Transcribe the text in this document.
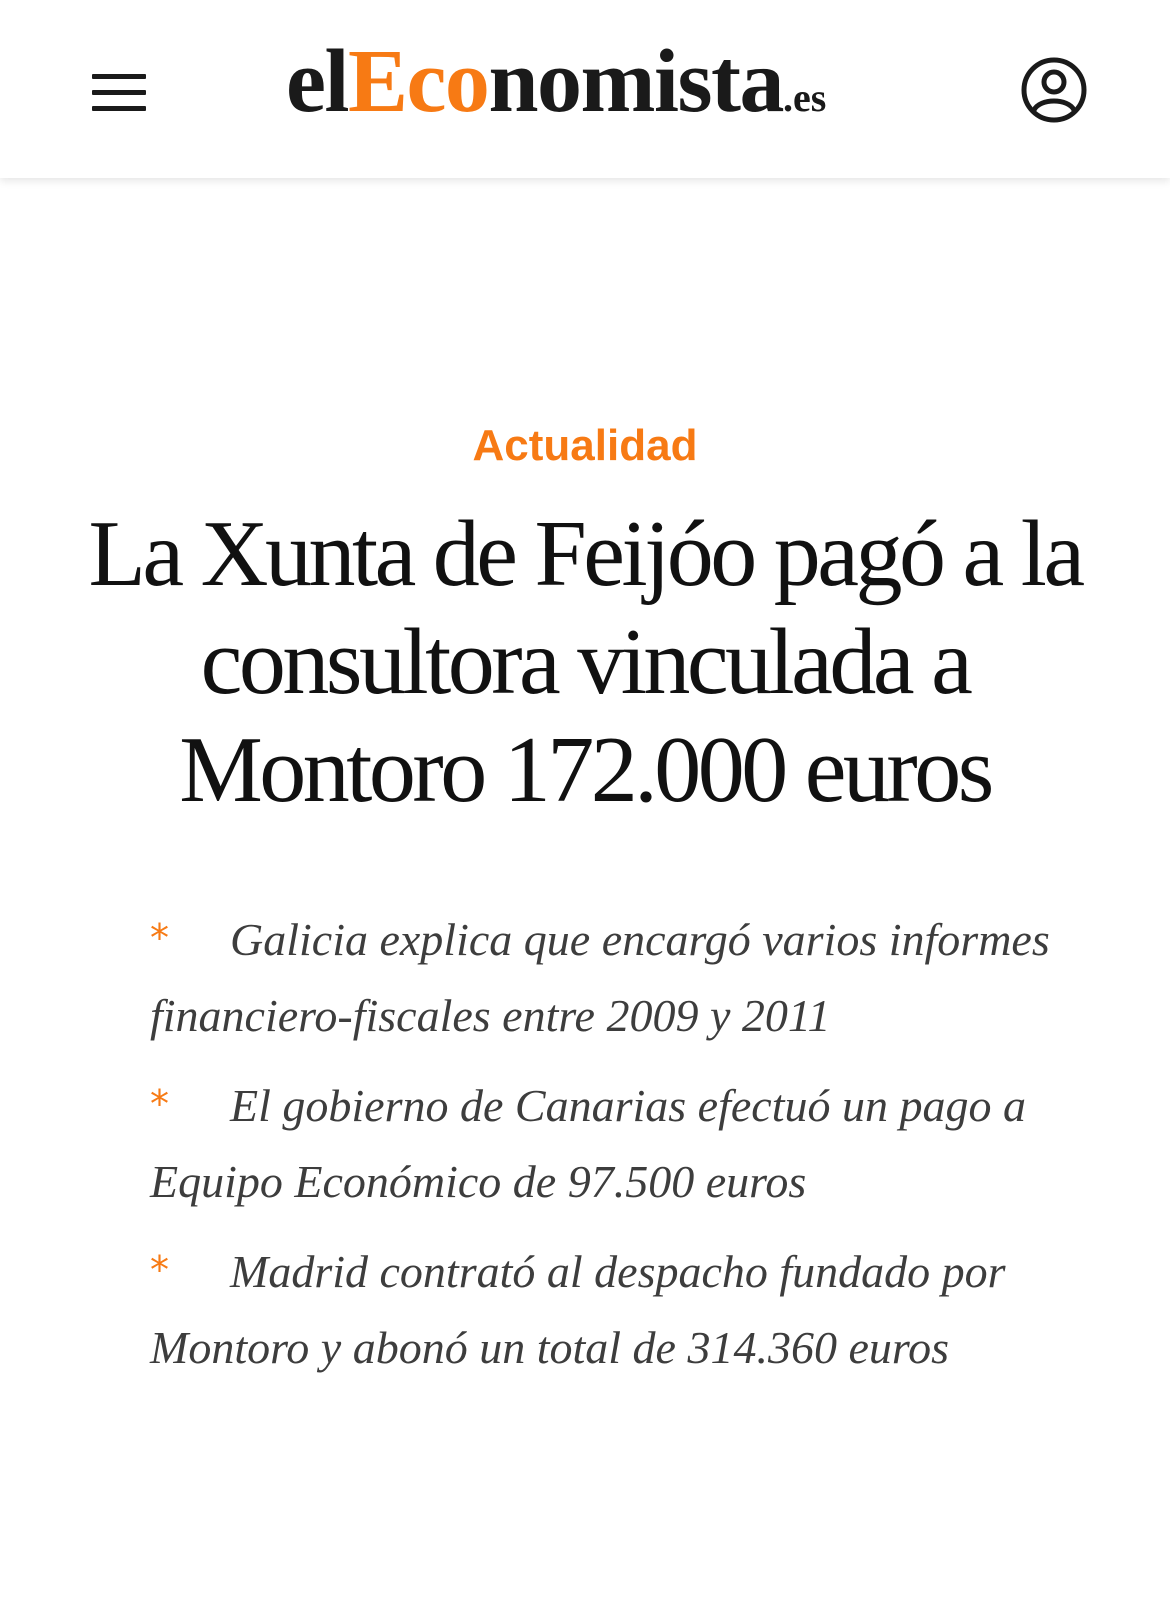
elEconomista.es
Actualidad
La Xunta de Feijóo pagó a la consultora vinculada a Montoro 172.000 euros
* Galicia explica que encargó varios informes financiero-fiscales entre 2009 y 2011
* El gobierno de Canarias efectuó un pago a Equipo Económico de 97.500 euros
* Madrid contrató al despacho fundado por Montoro y abonó un total de 314.360 euros
